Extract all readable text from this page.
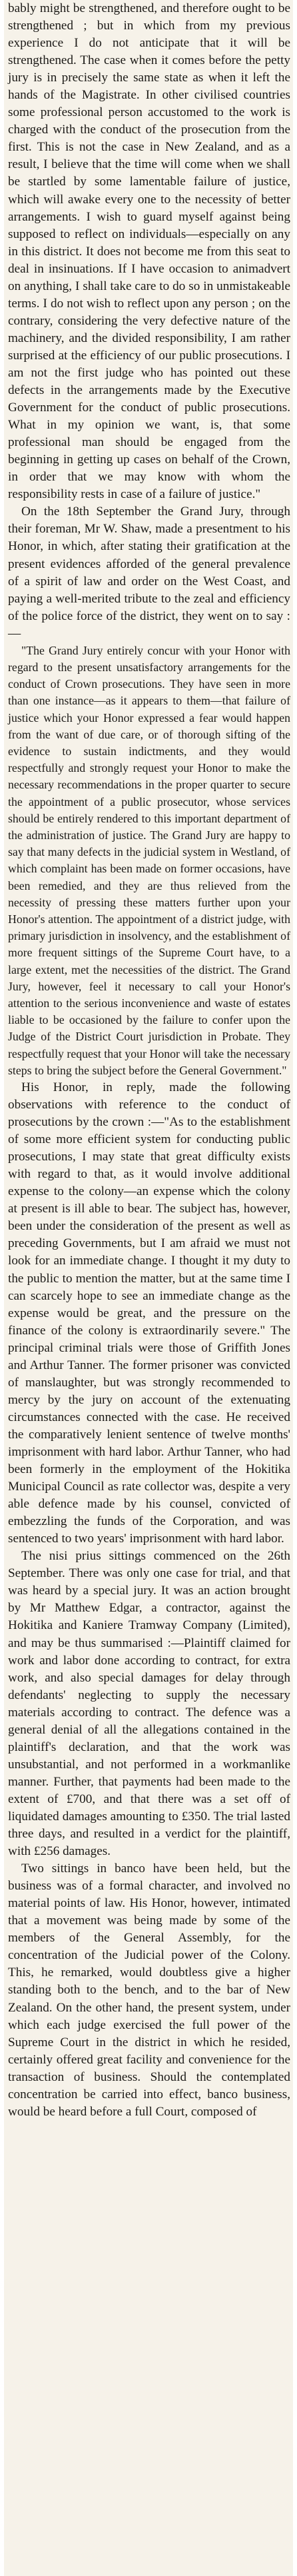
bably might be strengthened, and therefore ought to be strengthened ; but in which from my previous experience I do not anticipate that it will be strengthened. The case when it comes before the petty jury is in precisely the same state as when it left the hands of the Magistrate. In other civilised countries some professional person accustomed to the work is charged with the conduct of the prosecution from the first. This is not the case in New Zealand, and as a result, I believe that the time will come when we shall be startled by some lamentable failure of justice, which will awake every one to the necessity of better arrangements. I wish to guard myself against being supposed to reflect on individuals—especially on any in this district. It does not become me from this seat to deal in insinuations. If I have occasion to animadvert on anything, I shall take care to do so in unmistakeable terms. I do not wish to reflect upon any person ; on the contrary, considering the very defective nature of the machinery, and the divided responsibility, I am rather surprised at the efficiency of our public prosecutions. I am not the first judge who has pointed out these defects in the arrangements made by the Executive Government for the conduct of public prosecutions. What in my opinion we want, is, that some professional man should be engaged from the beginning in getting up cases on behalf of the Crown, in order that we may know with whom the responsibility rests in case of a failure of justice."

On the 18th September the Grand Jury, through their foreman, Mr W. Shaw, made a presentment to his Honor, in which, after stating their gratification at the present evidences afforded of the general prevalence of a spirit of law and order on the West Coast, and paying a well-merited tribute to the zeal and efficiency of the police force of the district, they went on to say :—

"The Grand Jury entirely concur with your Honor with regard to the present unsatisfactory arrangements for the conduct of Crown prosecutions. They have seen in more than one instance—as it appears to them—that failure of justice which your Honor expressed a fear would happen from the want of due care, or of thorough sifting of the evidence to sustain indictments, and they would respectfully and strongly request your Honor to make the necessary recommendations in the proper quarter to secure the appointment of a public prosecutor, whose services should be entirely rendered to this important department of the administration of justice. The Grand Jury are happy to say that many defects in the judicial system in Westland, of which complaint has been made on former occasions, have been remedied, and they are thus relieved from the necessity of pressing these matters further upon your Honor's attention. The appointment of a district judge, with primary jurisdiction in insolvency, and the establishment of more frequent sittings of the Supreme Court have, to a large extent, met the necessities of the district. The Grand Jury, however, feel it necessary to call your Honor's attention to the serious inconvenience and waste of estates liable to be occasioned by the failure to confer upon the Judge of the District Court jurisdiction in Probate. They respectfully request that your Honor will take the necessary steps to bring the subject before the General Government."

His Honor, in reply, made the following observations with reference to the conduct of prosecutions by the crown :—"As to the establishment of some more efficient system for conducting public prosecutions, I may state that great difficulty exists with regard to that, as it would involve additional expense to the colony—an expense which the colony at present is ill able to bear. The subject has, however, been under the consideration of the present as well as preceding Governments, but I am afraid we must not look for an immediate change. I thought it my duty to the public to mention the matter, but at the same time I can scarcely hope to see an immediate change as the expense would be great, and the pressure on the finance of the colony is extraordinarily severe." The principal criminal trials were those of Griffith Jones and Arthur Tanner. The former prisoner was convicted of manslaughter, but was strongly recommended to mercy by the jury on account of the extenuating circumstances connected with the case. He received the comparatively lenient sentence of twelve months' imprisonment with hard labor. Arthur Tanner, who had been formerly in the employment of the Hokitika Municipal Council as rate collector was, despite a very able defence made by his counsel, convicted of embezzling the funds of the Corporation, and was sentenced to two years' imprisonment with hard labor.

The nisi prius sittings commenced on the 26th September. There was only one case for trial, and that was heard by a special jury. It was an action brought by Mr Matthew Edgar, a contractor, against the Hokitika and Kaniere Tramway Company (Limited), and may be thus summarised :—Plaintiff claimed for work and labor done according to contract, for extra work, and also special damages for delay through defendants' neglecting to supply the necessary materials according to contract. The defence was a general denial of all the allegations contained in the plaintiff's declaration, and that the work was unsubstantial, and not performed in a workmanlike manner. Further, that payments had been made to the extent of £700, and that there was a set off of liquidated damages amounting to £350. The trial lasted three days, and resulted in a verdict for the plaintiff, with £256 damages.

Two sittings in banco have been held, but the business was of a formal character, and involved no material points of law. His Honor, however, intimated that a movement was being made by some of the members of the General Assembly, for the concentration of the Judicial power of the Colony. This, he remarked, would doubtless give a higher standing both to the bench, and to the bar of New Zealand. On the other hand, the present system, under which each judge exercised the full power of the Supreme Court in the district in which he resided, certainly offered great facility and convenience for the transaction of business. Should the contemplated concentration be carried into effect, banco business, would be heard before a full Court, composed of
